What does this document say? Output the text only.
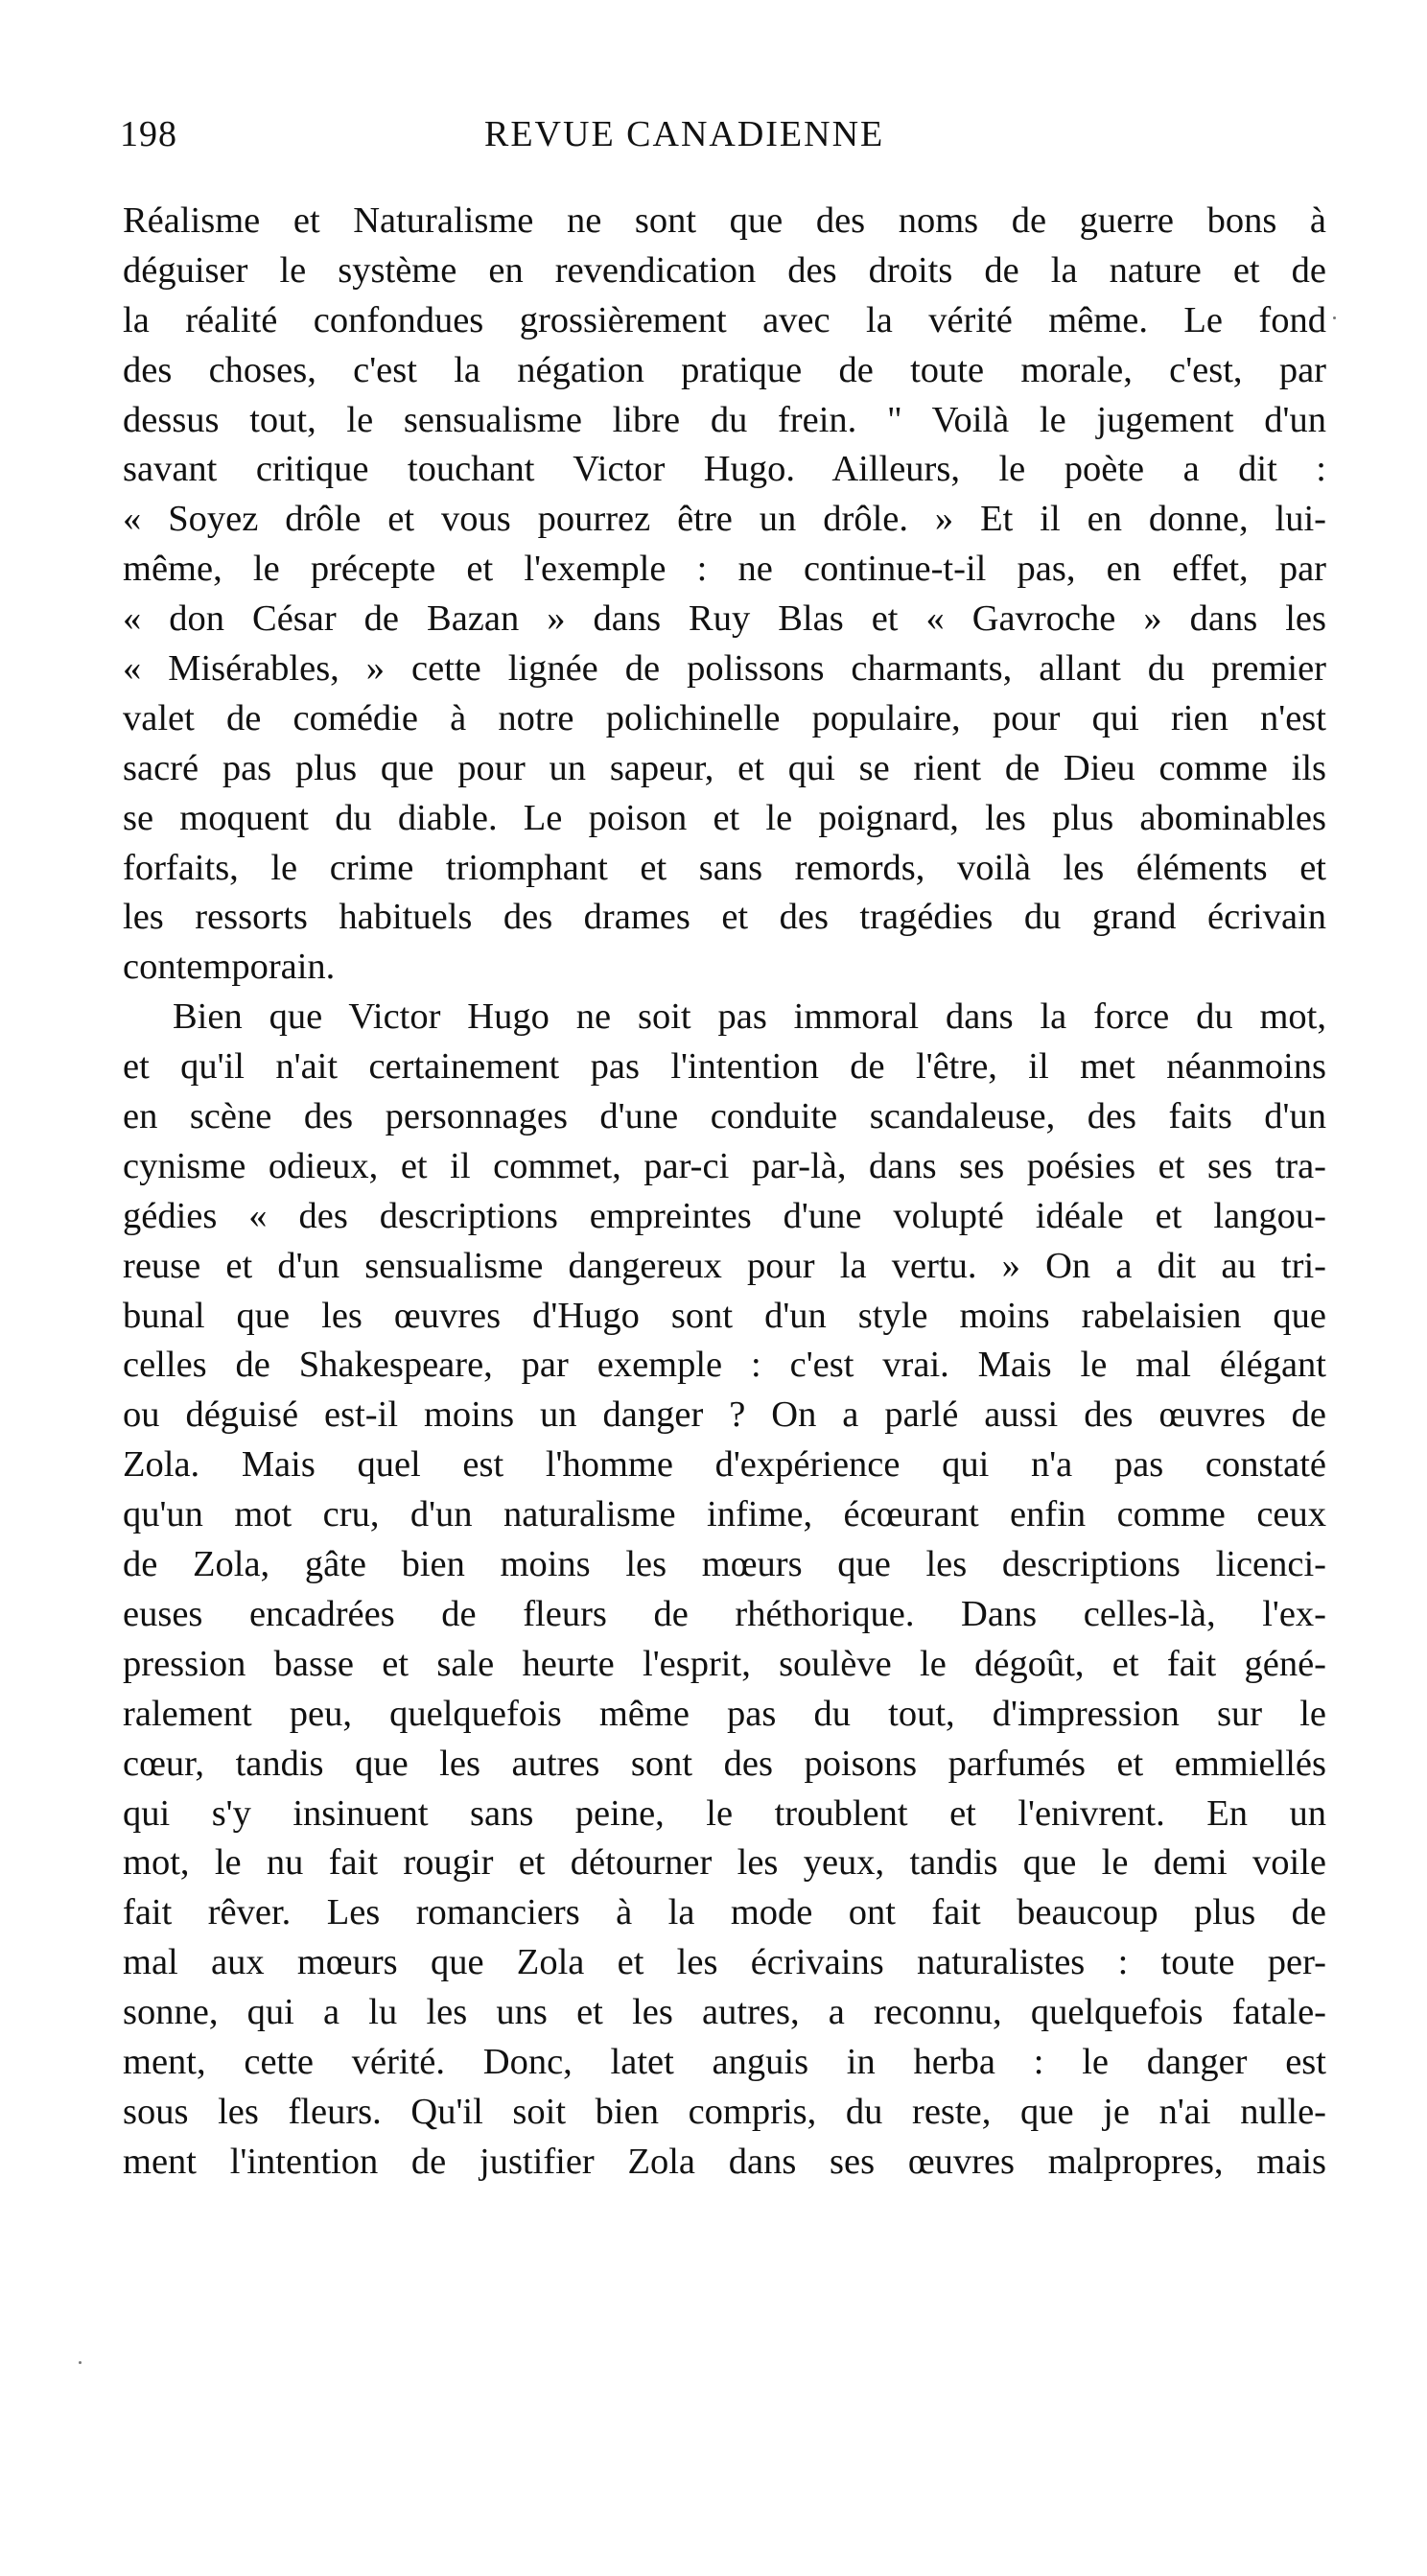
198	REVUE CANADIENNE
Réalisme et Naturalisme ne sont que des noms de guerre bons à
déguiser le système en revendication des droits de la nature et de
la réalité confondues grossièrement avec la vérité même. Le fond
des choses, c'est la négation pratique de toute morale, c'est, par
dessus tout, le sensualisme libre du frein. " Voilà le jugement d'un
savant critique touchant Victor Hugo. Ailleurs, le poète a dit :
« Soyez drôle et vous pourrez être un drôle. » Et il en donne, lui-
même, le précepte et l'exemple : ne continue-t-il pas, en effet, par
« don César de Bazan » dans Ruy Blas et « Gavroche » dans les
« Misérables, » cette lignée de polissons charmants, allant du premier
valet de comédie à notre polichinelle populaire, pour qui rien n'est
sacré pas plus que pour un sapeur, et qui se rient de Dieu comme ils
se moquent du diable. Le poison et le poignard, les plus abominables
forfaits, le crime triomphant et sans remords, voilà les éléments et
les ressorts habituels des drames et des tragédies du grand écrivain
contemporain.
Bien que Victor Hugo ne soit pas immoral dans la force du mot,
et qu'il n'ait certainement pas l'intention de l'être, il met néanmoins
en scène des personnages d'une conduite scandaleuse, des faits d'un
cynisme odieux, et il commet, par-ci par-là, dans ses poésies et ses tra-
gédies « des descriptions empreintes d'une volupté idéale et langou-
reuse et d'un sensualisme dangereux pour la vertu. » On a dit au tri-
bunal que les œuvres d'Hugo sont d'un style moins rabelaisien que
celles de Shakespeare, par exemple : c'est vrai. Mais le mal élégant
ou déguisé est-il moins un danger ? On a parlé aussi des œuvres de
Zola. Mais quel est l'homme d'expérience qui n'a pas constaté
qu'un mot cru, d'un naturalisme infime, écœurant enfin comme ceux
de Zola, gâte bien moins les mœurs que les descriptions licenci-
euses encadrées de fleurs de rhéthorique. Dans celles-là, l'ex-
pression basse et sale heurte l'esprit, soulève le dégoût, et fait géné-
ralement peu, quelquefois même pas du tout, d'impression sur le
cœur, tandis que les autres sont des poisons parfumés et emmiellés
qui s'y insinuent sans peine, le troublent et l'enivrent. En un
mot, le nu fait rougir et détourner les yeux, tandis que le demi voile
fait rêver. Les romanciers à la mode ont fait beaucoup plus de
mal aux mœurs que Zola et les écrivains naturalistes : toute per-
sonne, qui a lu les uns et les autres, a reconnu, quelquefois fatale-
ment, cette vérité. Donc, latet anguis in herba : le danger est
sous les fleurs. Qu'il soit bien compris, du reste, que je n'ai nulle-
ment l'intention de justifier Zola dans ses œuvres malpropres, mais
